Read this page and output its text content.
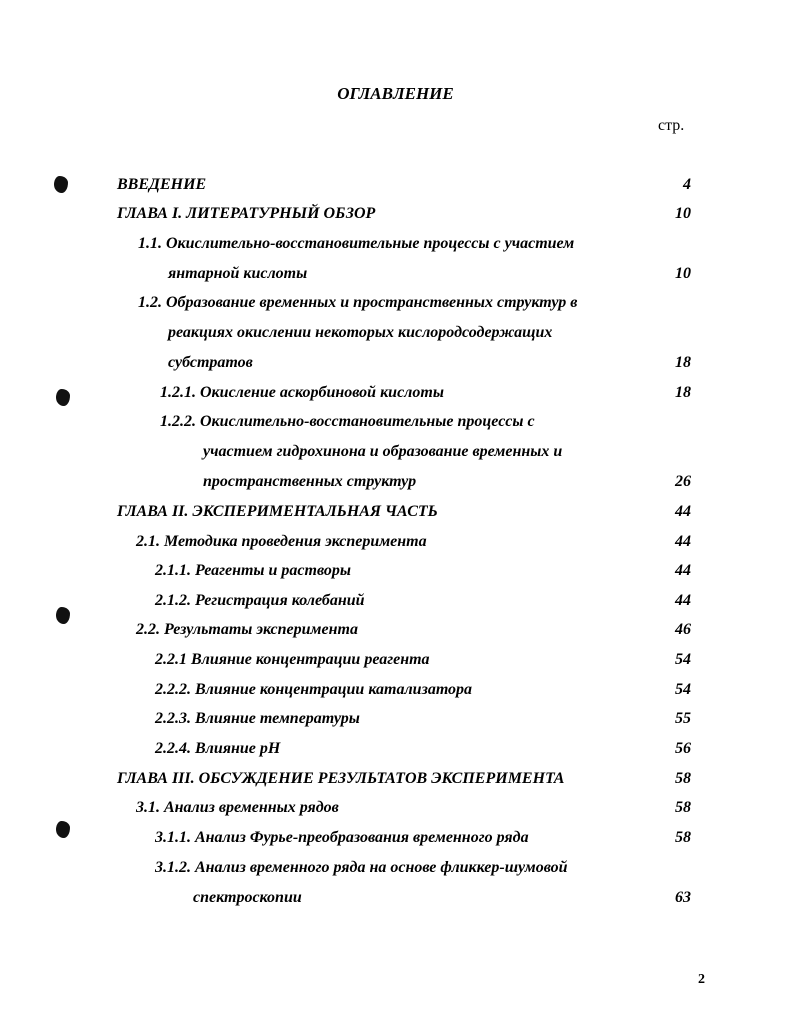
ОГЛАВЛЕНИЕ
стр.
ВВЕДЕНИЕ	4
ГЛАВА I. ЛИТЕРАТУРНЫЙ ОБЗОР	10
1.1. Окислительно-восстановительные процессы с участием
янтарной кислоты	10
1.2. Образование временных и пространственных структур в
реакциях окислении некоторых кислородсодержащих
субстратов	18
1.2.1. Окисление аскорбиновой кислоты	18
1.2.2. Окислительно-восстановительные процессы с
участием гидрохинона и образование временных и
пространственных структур	26
ГЛАВА II. ЭКСПЕРИМЕНТАЛЬНАЯ ЧАСТЬ	44
2.1. Методика проведения эксперимента	44
2.1.1. Реагенты и растворы	44
2.1.2. Регистрация колебаний	44
2.2. Результаты эксперимента	46
2.2.1 Влияние концентрации реагента	54
2.2.2. Влияние концентрации катализатора	54
2.2.3. Влияние температуры	55
2.2.4. Влияние pH	56
ГЛАВА III. ОБСУЖДЕНИЕ РЕЗУЛЬТАТОВ ЭКСПЕРИМЕНТА	58
3.1. Анализ временных рядов	58
3.1.1. Анализ Фурье-преобразования временного ряда	58
3.1.2. Анализ временного ряда на основе фликкер-шумовой
спектроскопии	63
2
